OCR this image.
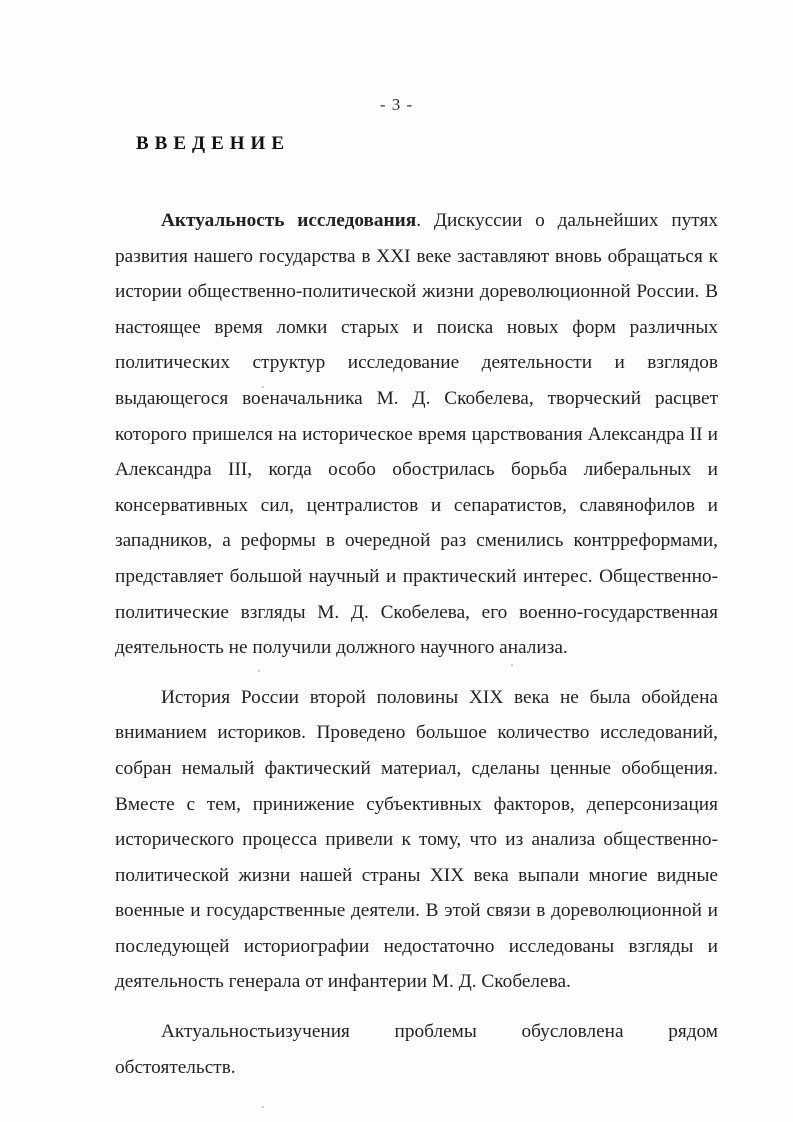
- 3 -
ВВЕДЕНИЕ

Актуальность исследования. Дискуссии о дальнейших путях развития нашего государства в XXI веке заставляют вновь обращаться к истории общественно-политической жизни дореволюционной России. В настоящее время ломки старых и поиска новых форм различных политических структур исследование деятельности и взглядов выдающегося военачальника М. Д. Скобелева, творческий расцвет которого пришелся на историческое время царствования Александра II и Александра III, когда особо обострилась борьба либеральных и консервативных сил, централистов и сепаратистов, славянофилов и западников, а реформы в очередной раз сменились контрреформами, представляет большой научный и практический интерес. Общественно-политические взгляды М. Д. Скобелева, его военно-государственная деятельность не получили должного научного анализа.

История России второй половины XIX века не была обойдена вниманием историков. Проведено большое количество исследований, собран немалый фактический материал, сделаны ценные обобщения. Вместе с тем, принижение субъективных факторов, деперсонизация исторического процесса привели к тому, что из анализа общественно-политической жизни нашей страны XIX века выпали многие видные военные и государственные деятели. В этой связи в дореволюционной и последующей историографии недостаточно исследованы взгляды и деятельность генерала от инфантерии М. Д. Скобелева.

Актуальностьизучения проблемы обусловлена рядом обстоятельств.
